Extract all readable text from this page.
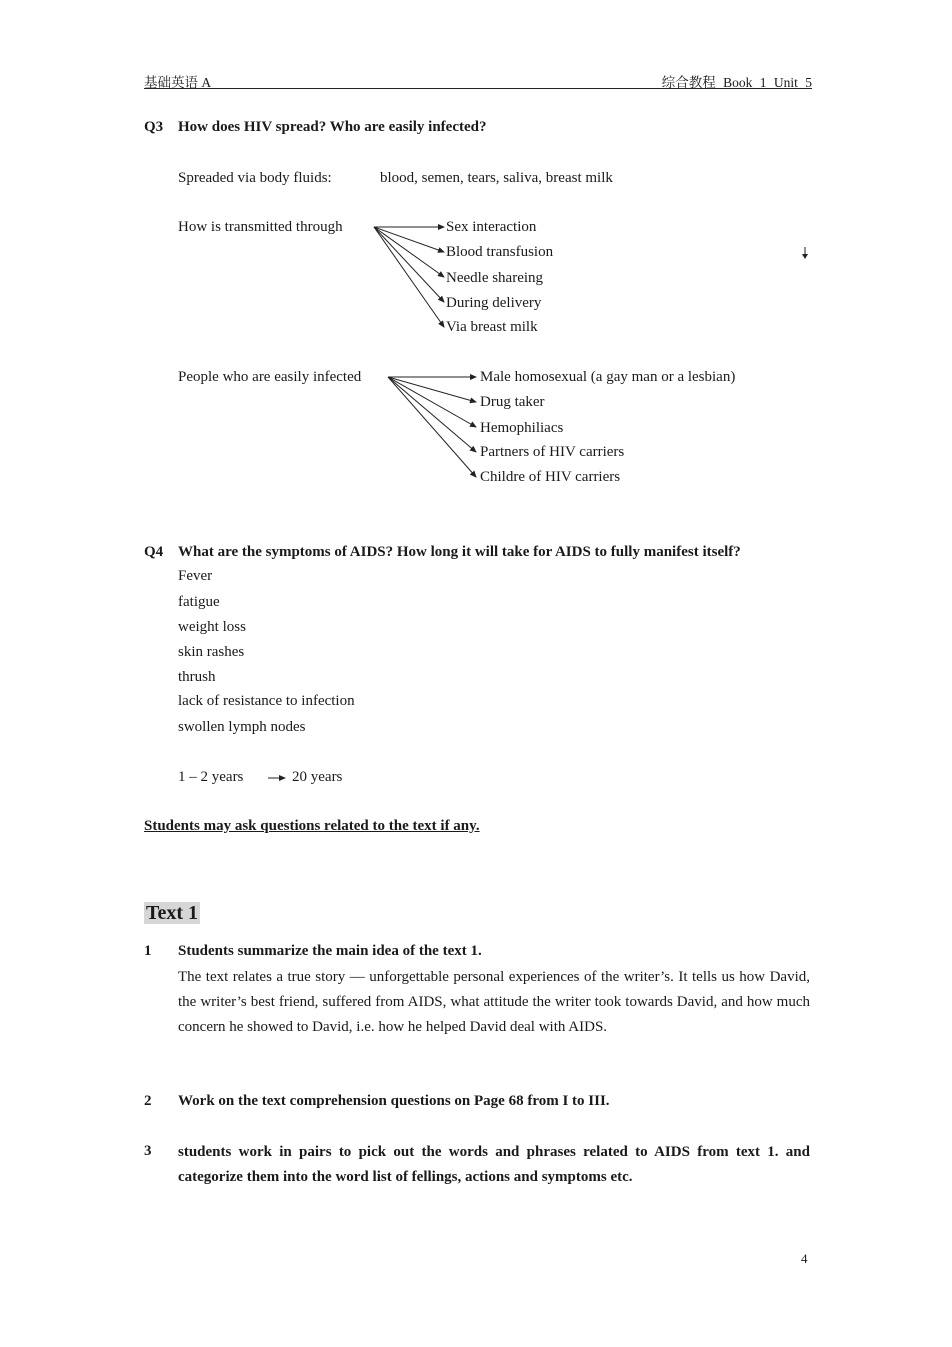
基础英语 A	综合教程 Book 1 Unit 5
Q3 How does HIV spread? Who are easily infected?
Spreaded via body fluids:	blood, semen, tears, saliva, breast milk
How is transmitted through	Sex interaction
Blood transfusion
Needle shareing
During delivery
Via breast milk
People who are easily infected	Male homosexual (a gay man or a lesbian)
Drug taker
Hemophiliacs
Partners of HIV carriers
Childre of HIV carriers
Q4 What are the symptoms of AIDS? How long it will take for AIDS to fully manifest itself?
Fever
fatigue
weight loss
skin rashes
thrush
lack of resistance to infection
swollen lymph nodes
1 – 2 years	20 years
Students may ask questions related to the text if any.
Text 1
1 Students summarize the main idea of the text 1.
The text relates a true story — unforgettable personal experiences of the writer’s. It tells us how David, the writer’s best friend, suffered from AIDS, what attitude the writer took towards David, and how much concern he showed to David, i.e. how he helped David deal with AIDS.
2 Work on the text comprehension questions on Page 68 from I to III.
3 students work in pairs to pick out the words and phrases related to AIDS from text 1. and categorize them into the word list of fellings, actions and symptoms etc.
4
